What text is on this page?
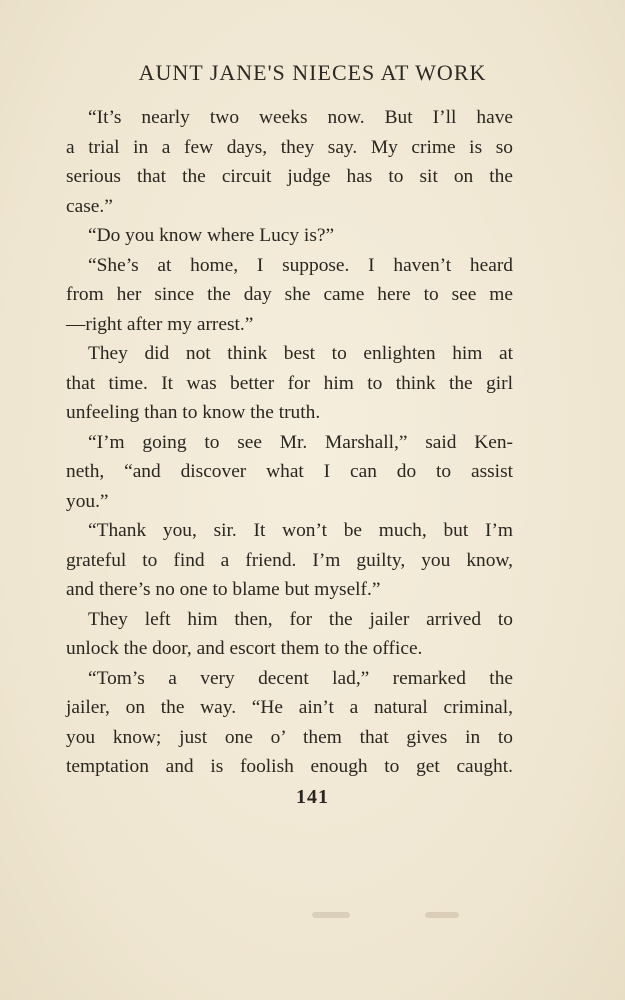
AUNT JANE'S NIECES AT WORK
“It’s nearly two weeks now. But I’ll have
a trial in a few days, they say. My crime is so
serious that the circuit judge has to sit on the
case.”
“Do you know where Lucy is?”
“She’s at home, I suppose. I haven’t heard
from her since the day she came here to see me
—right after my arrest.”
They did not think best to enlighten him at
that time. It was better for him to think the girl
unfeeling than to know the truth.
“I’m going to see Mr. Marshall,” said Ken-
neth, “and discover what I can do to assist
you.”
“Thank you, sir. It won’t be much, but I’m
grateful to find a friend. I’m guilty, you know,
and there’s no one to blame but myself.”
They left him then, for the jailer arrived to
unlock the door, and escort them to the office.
“Tom’s a very decent lad,” remarked the
jailer, on the way. “He ain’t a natural criminal,
you know; just one o’ them that gives in to
temptation and is foolish enough to get caught.
141
